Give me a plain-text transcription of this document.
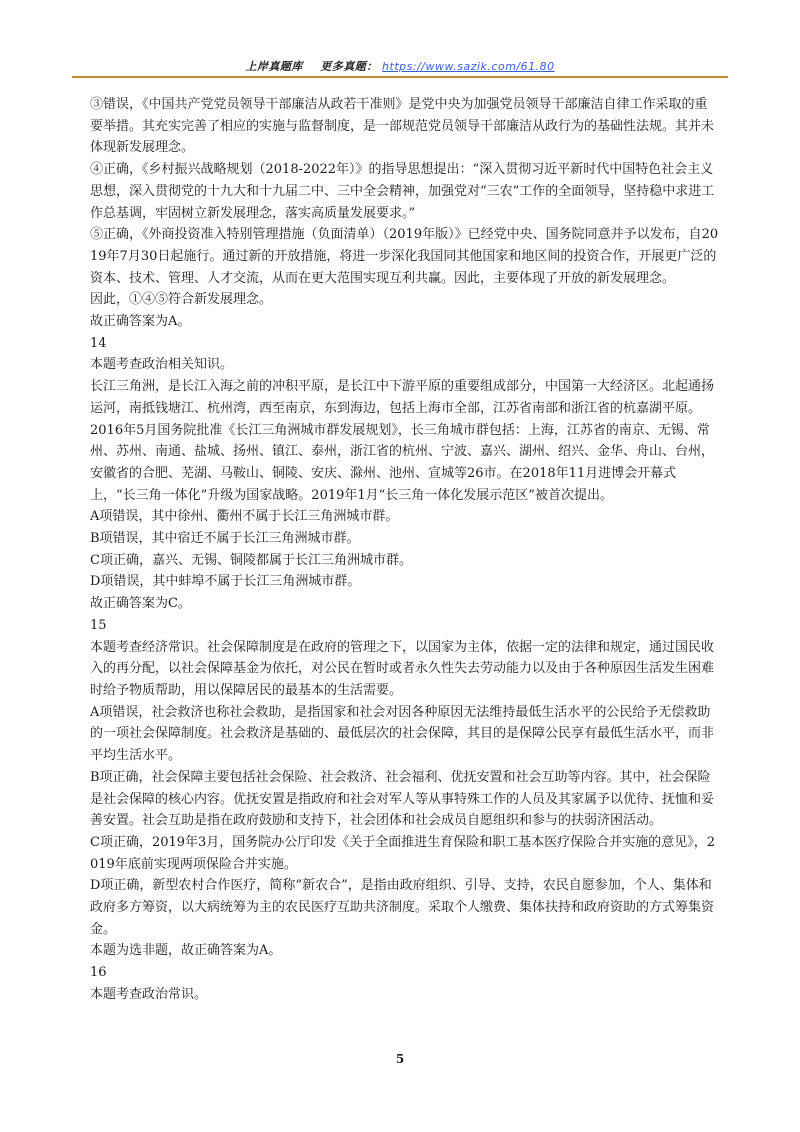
上岸真题库 更多真题： https://www.sazik.com/61.80

③错误，《中国共产党党员领导干部廉洁从政若干准则》是党中央为加强党员领导干部廉洁自律工作采取的重要举措。其充实完善了相应的实施与监督制度，是一部规范党员领导干部廉洁从政行为的基础性法规。其并未体现新发展理念。

④正确，《乡村振兴战略规划（2018-2022年）》的指导思想提出：“深入贯彻习近平新时代中国特色社会主义思想，深入贯彻党的十九大和十九届二中、三中全会精神，加强党对“三农”工作的全面领导，坚持稳中求进工作总基调，牢固树立新发展理念，落实高质量发展要求。”

⑤正确，《外商投资准入特别管理措施（负面清单）（2019年版）》已经党中央、国务院同意并予以发布，自2019年7月30日起施行。通过新的开放措施，将进一步深化我国同其他国家和地区间的投资合作，开展更广泛的资本、技术、管理、人才交流，从而在更大范围实现互利共赢。因此，主要体现了开放的新发展理念。

因此，①④⑤符合新发展理念。

故正确答案为A。

14

本题考查政治相关知识。

长江三角洲，是长江入海之前的冲积平原，是长江中下游平原的重要组成部分，中国第一大经济区。北起通扬运河，南抵钱塘江、杭州湾，西至南京，东到海边，包括上海市全部，江苏省南部和浙江省的杭嘉湖平原。

2016年5月国务院批准《长江三角洲城市群发展规划》，长三角城市群包括：上海，江苏省的南京、无锡、常州、苏州、南通、盐城、扬州、镇江、泰州，浙江省的杭州、宁波、嘉兴、湖州、绍兴、金华、舟山、台州，安徽省的合肥、芜湖、马鞍山、铜陵、安庆、滁州、池州、宣城等26市。在2018年11月进博会开幕式上，“长三角一体化”升级为国家战略。2019年1月“长三角一体化发展示范区”被首次提出。

A项错误，其中徐州、衢州不属于长江三角洲城市群。

B项错误，其中宿迁不属于长江三角洲城市群。

C项正确，嘉兴、无锡、铜陵都属于长江三角洲城市群。

D项错误，其中蚌埠不属于长江三角洲城市群。

故正确答案为C。

15

本题考查经济常识。社会保障制度是在政府的管理之下，以国家为主体，依据一定的法律和规定，通过国民收入的再分配，以社会保障基金为依托，对公民在暂时或者永久性失去劳动能力以及由于各种原因生活发生困难时给予物质帮助，用以保障居民的最基本的生活需要。

A项错误，社会救济也称社会救助，是指国家和社会对因各种原因无法维持最低生活水平的公民给予无偿救助的一项社会保障制度。社会救济是基础的、最低层次的社会保障，其目的是保障公民享有最低生活水平，而非平均生活水平。

B项正确，社会保障主要包括社会保险、社会救济、社会福利、优抚安置和社会互助等内容。其中，社会保险是社会保障的核心内容。优抚安置是指政府和社会对军人等从事特殊工作的人员及其家属予以优待、抚恤和妥善安置。社会互助是指在政府鼓励和支持下，社会团体和社会成员自愿组织和参与的扶弱济困活动。

C项正确，2019年3月，国务院办公厅印发《关于全面推进生育保险和职工基本医疗保险合并实施的意见》，2019年底前实现两项保险合并实施。

D项正确，新型农村合作医疗，简称“新农合”，是指由政府组织、引导、支持，农民自愿参加，个人、集体和政府多方筹资，以大病统筹为主的农民医疗互助共济制度。采取个人缴费、集体扶持和政府资助的方式筹集资金。

本题为选非题，故正确答案为A。

16

本题考查政治常识。

5
